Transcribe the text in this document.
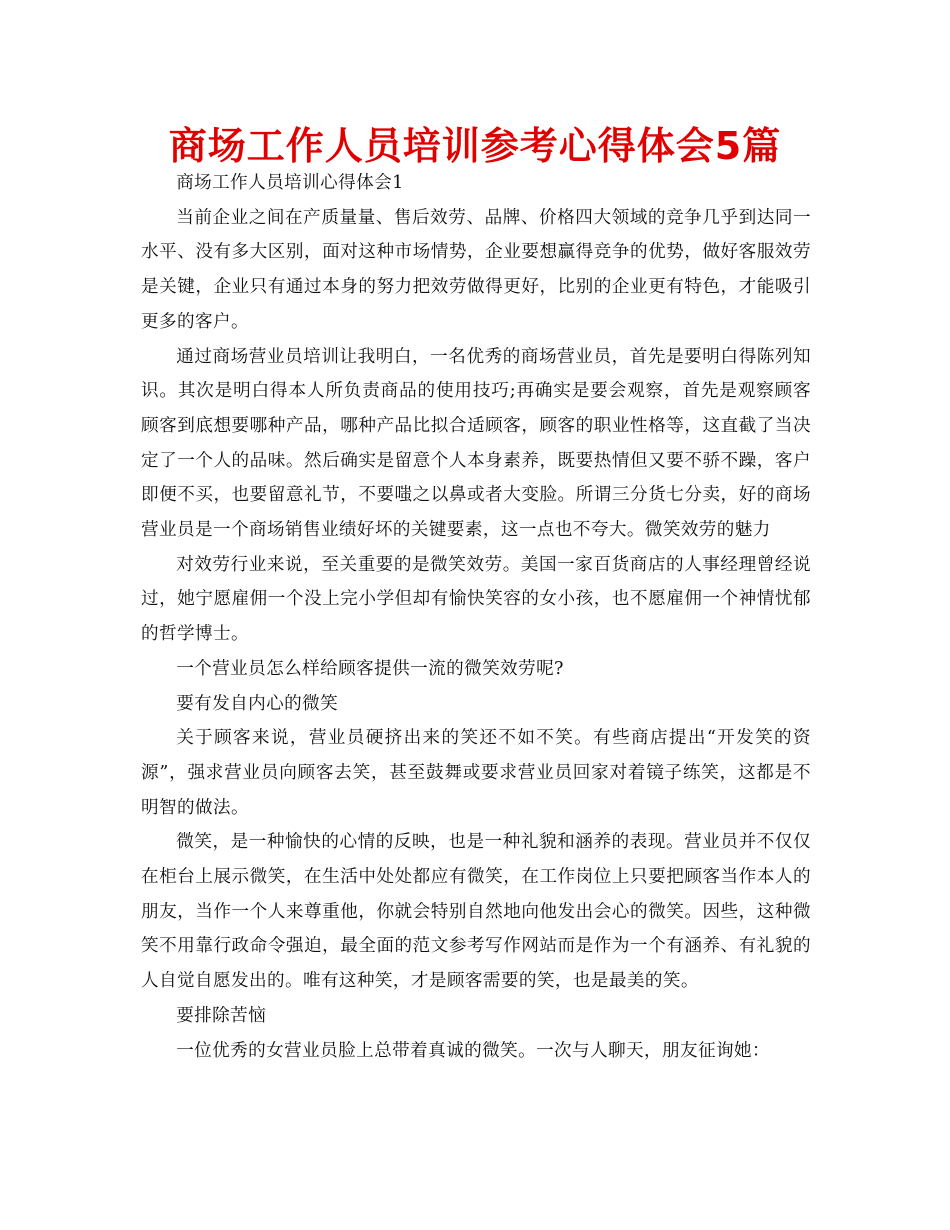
商场工作人员培训参考心得体会5篇

商场工作人员培训心得体会1

当前企业之间在产质量量、售后效劳、品牌、价格四大领域的竞争几乎到达同一水平、没有多大区别，面对这种市场情势，企业要想赢得竞争的优势，做好客服效劳是关键，企业只有通过本身的努力把效劳做得更好，比别的企业更有特色，才能吸引更多的客户。

通过商场营业员培训让我明白，一名优秀的商场营业员，首先是要明白得陈列知识。其次是明白得本人所负责商品的使用技巧;再确实是要会观察，首先是观察顾客顾客到底想要哪种产品，哪种产品比拟合适顾客，顾客的职业性格等，这直截了当决定了一个人的品味。然后确实是留意个人本身素养，既要热情但又要不骄不躁，客户即便不买，也要留意礼节，不要嗤之以鼻或者大变脸。所谓三分货七分卖，好的商场营业员是一个商场销售业绩好坏的关键要素，这一点也不夸大。微笑效劳的魅力

对效劳行业来说，至关重要的是微笑效劳。美国一家百货商店的人事经理曾经说过，她宁愿雇佣一个没上完小学但却有愉快笑容的女小孩，也不愿雇佣一个神情忧郁的哲学博士。

一个营业员怎么样给顾客提供一流的微笑效劳呢?

要有发自内心的微笑

关于顾客来说，营业员硬挤出来的笑还不如不笑。有些商店提出“开发笑的资源”，强求营业员向顾客去笑，甚至鼓舞或要求营业员回家对着镜子练笑，这都是不明智的做法。

微笑，是一种愉快的心情的反映，也是一种礼貌和涵养的表现。营业员并不仅仅在柜台上展示微笑，在生活中处处都应有微笑，在工作岗位上只要把顾客当作本人的朋友，当作一个人来尊重他，你就会特别自然地向他发出会心的微笑。因些，这种微笑不用靠行政命令强迫，最全面的范文参考写作网站而是作为一个有涵养、有礼貌的人自觉自愿发出的。唯有这种笑，才是顾客需要的笑，也是最美的笑。

要排除苦恼

一位优秀的女营业员脸上总带着真诚的微笑。一次与人聊天，朋友征询她：
